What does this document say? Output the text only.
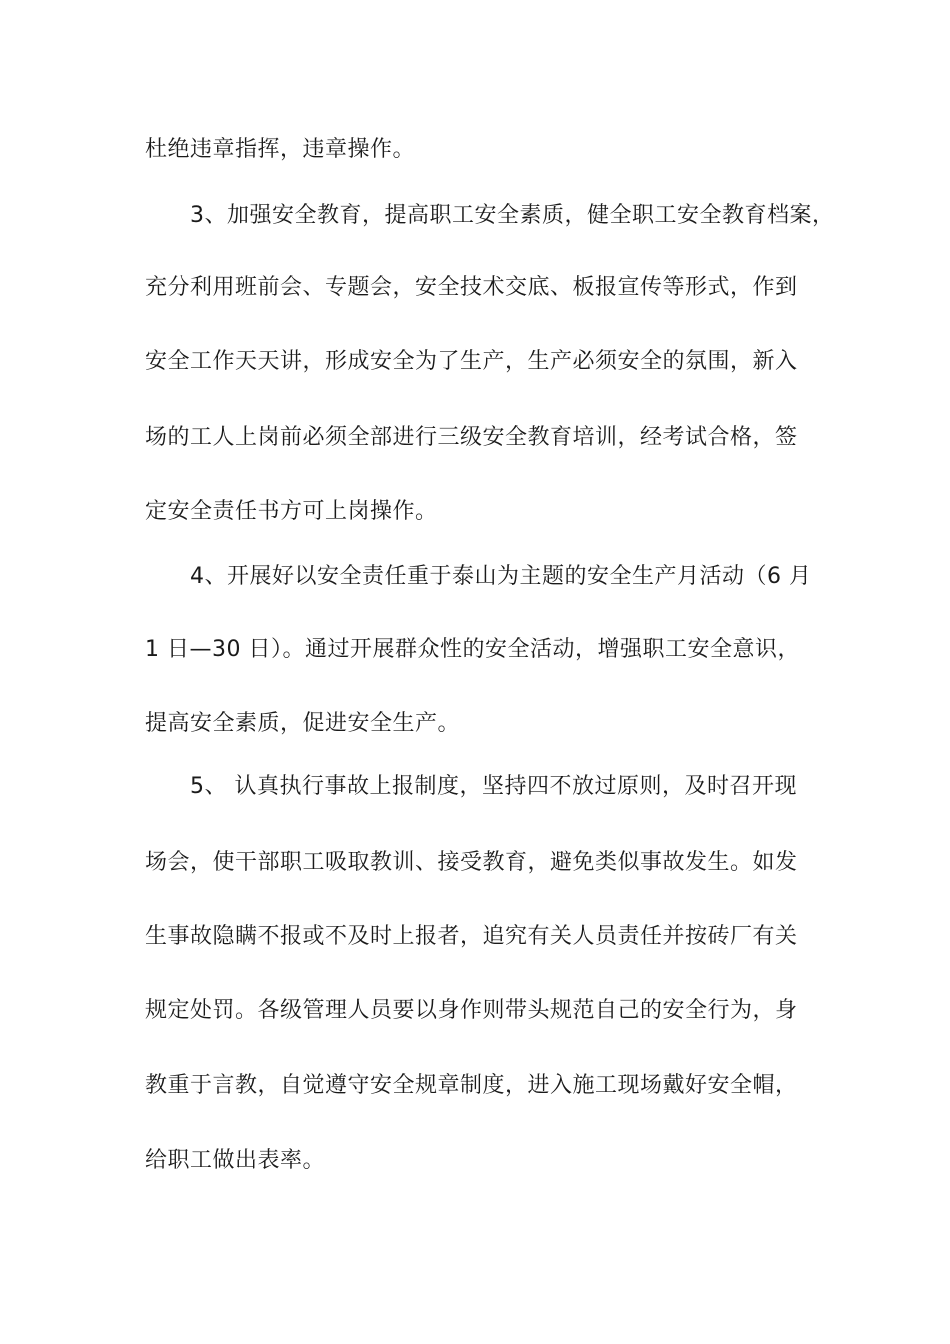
杜绝违章指挥，违章操作。
3、加强安全教育，提高职工安全素质，健全职工安全教育档案，
充分利用班前会、专题会，安全技术交底、板报宣传等形式，作到
安全工作天天讲，形成安全为了生产，生产必须安全的氛围，新入
场的工人上岗前必须全部进行三级安全教育培训，经考试合格，签
定安全责任书方可上岗操作。
4、开展好以安全责任重于泰山为主题的安全生产月活动（6 月
1 日—30 日）。通过开展群众性的安全活动，增强职工安全意识，
提高安全素质，促进安全生产。
5、 认真执行事故上报制度，坚持四不放过原则，及时召开现
场会，使干部职工吸取教训、接受教育，避免类似事故发生。如发
生事故隐瞒不报或不及时上报者，追究有关人员责任并按砖厂有关
规定处罚。各级管理人员要以身作则带头规范自己的安全行为，身
教重于言教，自觉遵守安全规章制度，进入施工现场戴好安全帽，
给职工做出表率。
